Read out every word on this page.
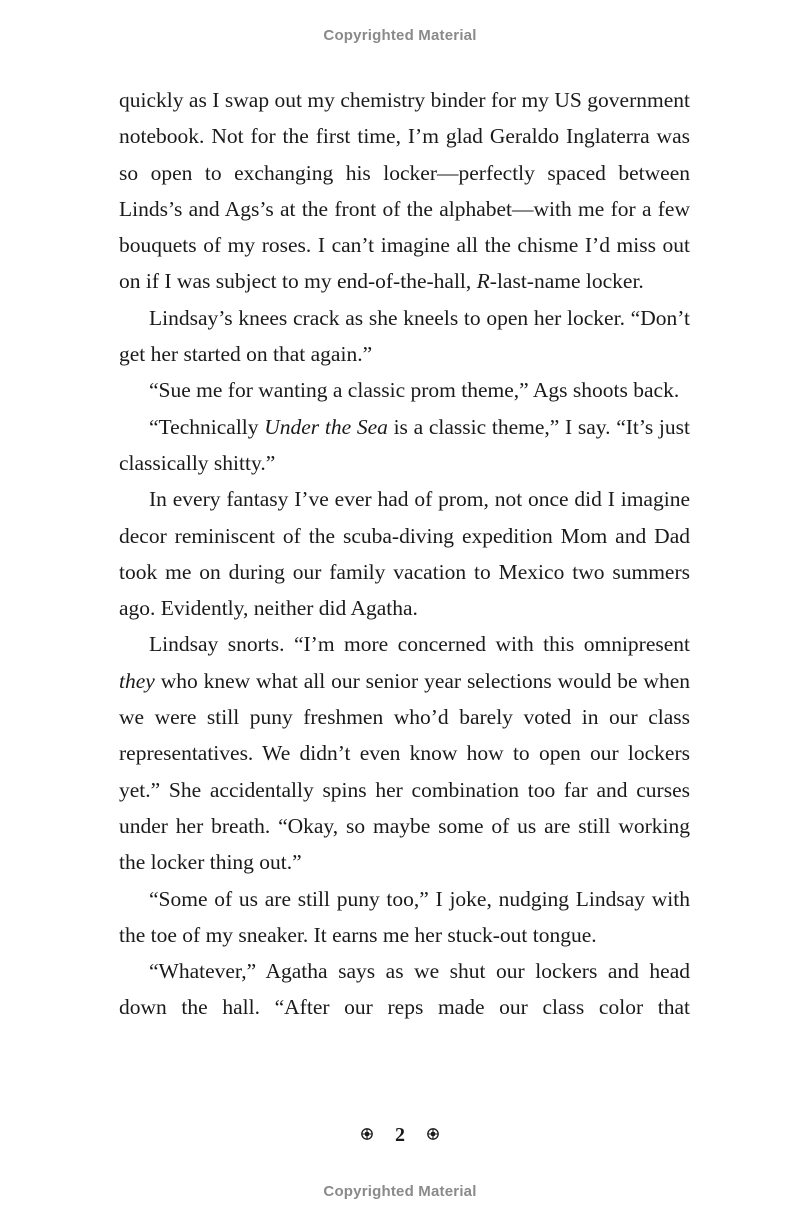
Copyrighted Material

quickly as I swap out my chemistry binder for my US government notebook. Not for the first time, I’m glad Geraldo Inglaterra was so open to exchanging his locker—perfectly spaced between Linds’s and Ags’s at the front of the alphabet—with me for a few bouquets of my roses. I can’t imagine all the chisme I’d miss out on if I was subject to my end-of-the-hall, R-last-name locker.

Lindsay’s knees crack as she kneels to open her locker. “Don’t get her started on that again.”

“Sue me for wanting a classic prom theme,” Ags shoots back.

“Technically Under the Sea is a classic theme,” I say. “It’s just classically shitty.”

In every fantasy I’ve ever had of prom, not once did I imagine decor reminiscent of the scuba-diving expedition Mom and Dad took me on during our family vacation to Mexico two summers ago. Evidently, neither did Agatha.

Lindsay snorts. “I’m more concerned with this omnipresent they who knew what all our senior year selections would be when we were still puny freshmen who’d barely voted in our class representatives. We didn’t even know how to open our lockers yet.” She accidentally spins her combination too far and curses under her breath. “Okay, so maybe some of us are still working the locker thing out.”

“Some of us are still puny too,” I joke, nudging Lindsay with the toe of my sneaker. It earns me her stuck-out tongue.

“Whatever,” Agatha says as we shut our lockers and head down the hall. “After our reps made our class color that

2
Copyrighted Material
